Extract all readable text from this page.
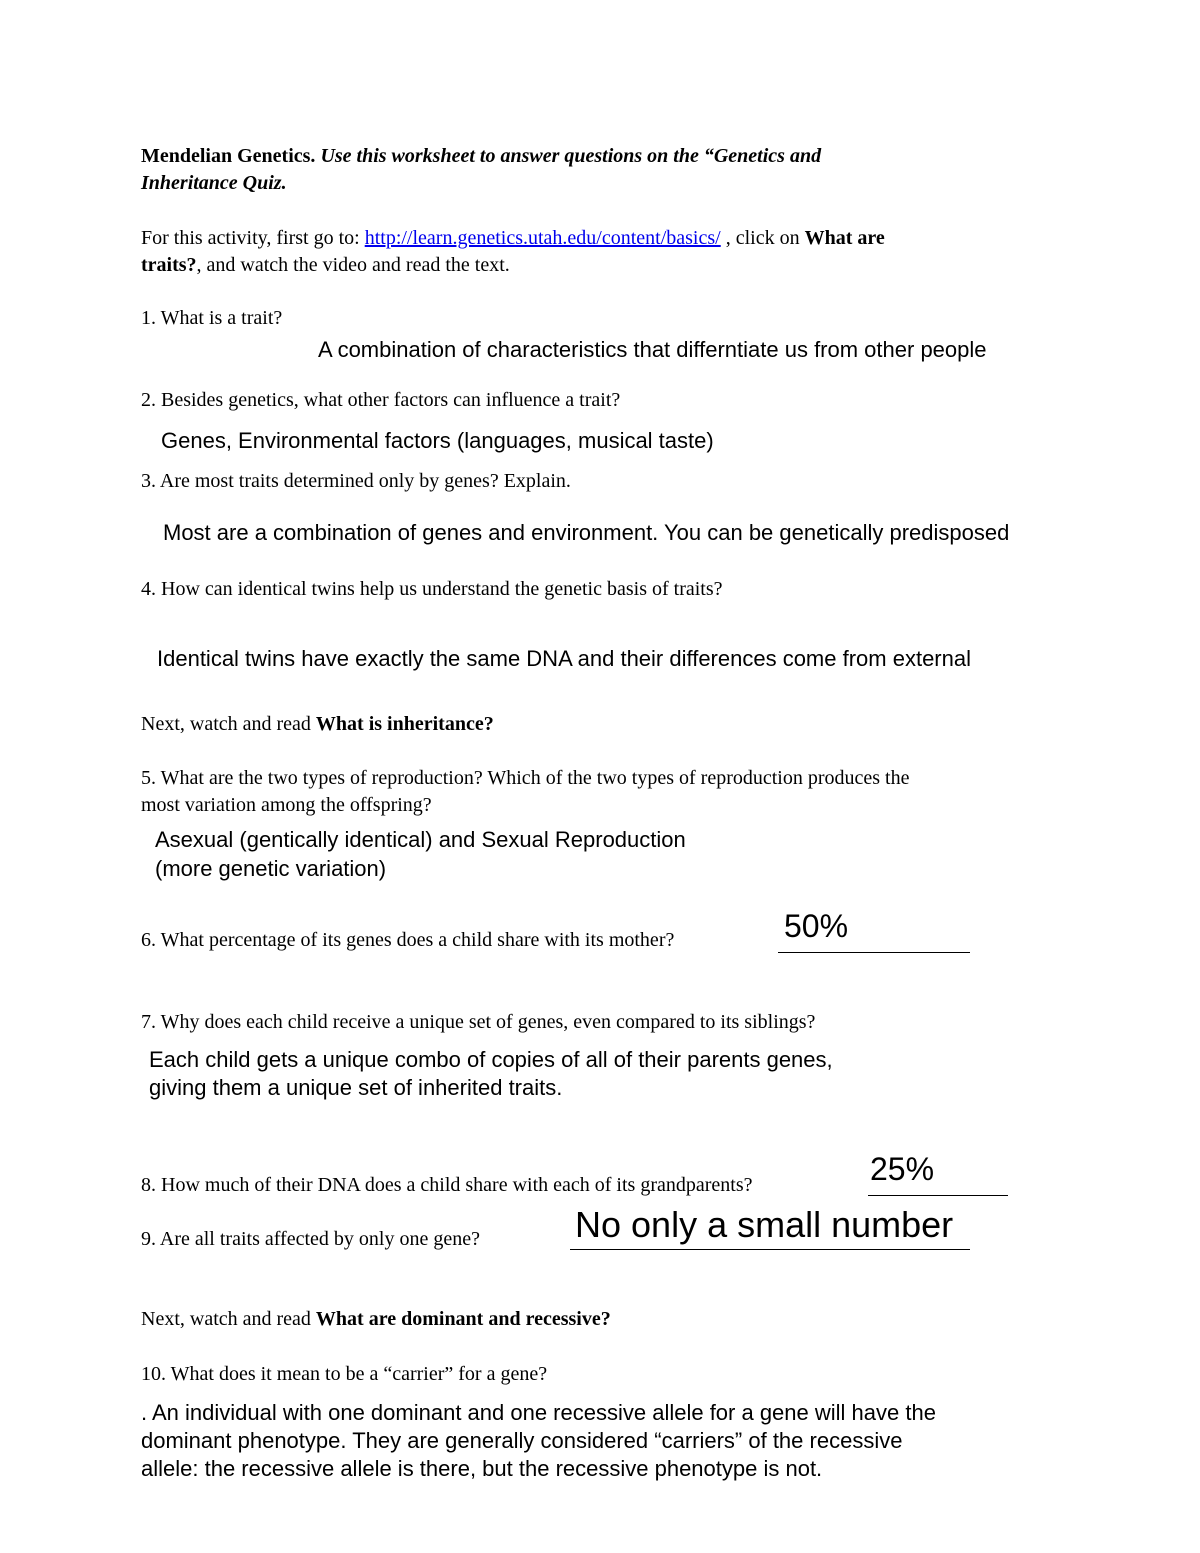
Mendelian Genetics. Use this worksheet to answer questions on the “Genetics and
Inheritance Quiz.
For this activity, first go to: http://learn.genetics.utah.edu/content/basics/ , click on What are
traits?, and watch the video and read the text.
1. What is a trait?
A combination of characteristics that differntiate us from other people
2. Besides genetics, what other factors can influence a trait?
Genes, Environmental factors (languages, musical taste)
3. Are most traits determined only by genes? Explain.
Most are a combination of genes and environment. You can be genetically predisposed
4. How can identical twins help us understand the genetic basis of traits?
Identical twins have exactly the same DNA and their differences come from external
Next, watch and read What is inheritance?
5. What are the two types of reproduction? Which of the two types of reproduction produces the
most variation among the offspring?
Asexual (gentically identical) and Sexual Reproduction
(more genetic variation)
6. What percentage of its genes does a child share with its mother?	50%
7. Why does each child receive a unique set of genes, even compared to its siblings?
Each child gets a unique combo of copies of all of their parents genes,
giving them a unique set of inherited traits.
8. How much of their DNA does a child share with each of its grandparents?	25%
9. Are all traits affected by only one gene?	No only a small number
Next, watch and read What are dominant and recessive?
10. What does it mean to be a “carrier” for a gene?
. An individual with one dominant and one recessive allele for a gene will have the
dominant phenotype. They are generally considered “carriers” of the recessive
allele: the recessive allele is there, but the recessive phenotype is not.
